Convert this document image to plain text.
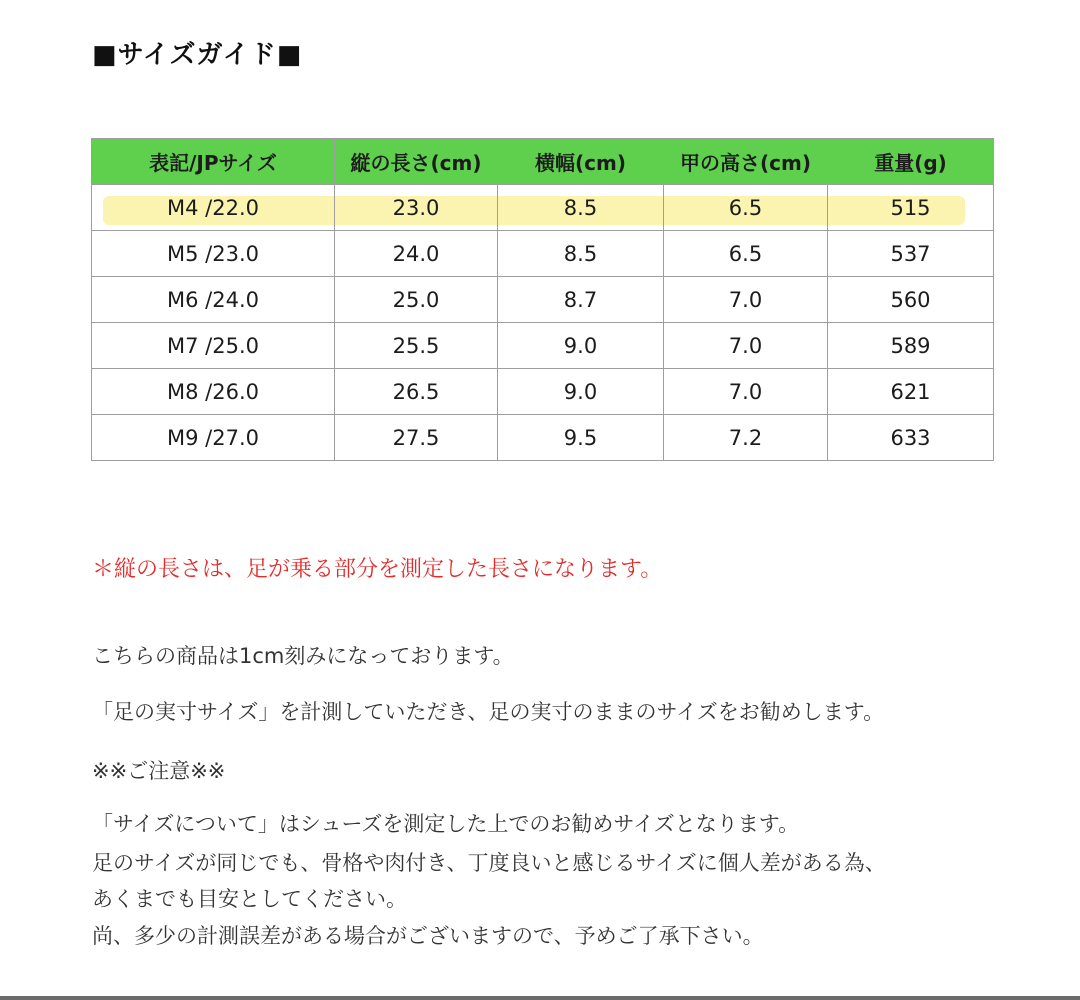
■サイズガイド■
表記/JPサイズ	縦の長さ(cm)	横幅(cm)	甲の高さ(cm)	重量(g)
M4 /22.0	23.0	8.5	6.5	515
M5 /23.0	24.0	8.5	6.5	537
M6 /24.0	25.0	8.7	7.0	560
M7 /25.0	25.5	9.0	7.0	589
M8 /26.0	26.5	9.0	7.0	621
M9 /27.0	27.5	9.5	7.2	633
＊縦の長さは、足が乗る部分を測定した長さになります。
こちらの商品は1cm刻みになっております。
「足の実寸サイズ」を計測していただき、足の実寸のままのサイズをお勧めします。
※※ご注意※※
「サイズについて」はシューズを測定した上でのお勧めサイズとなります。
足のサイズが同じでも、骨格や肉付き、丁度良いと感じるサイズに個人差がある為、
あくまでも目安としてください。
尚、多少の計測誤差がある場合がございますので、予めご了承下さい。
